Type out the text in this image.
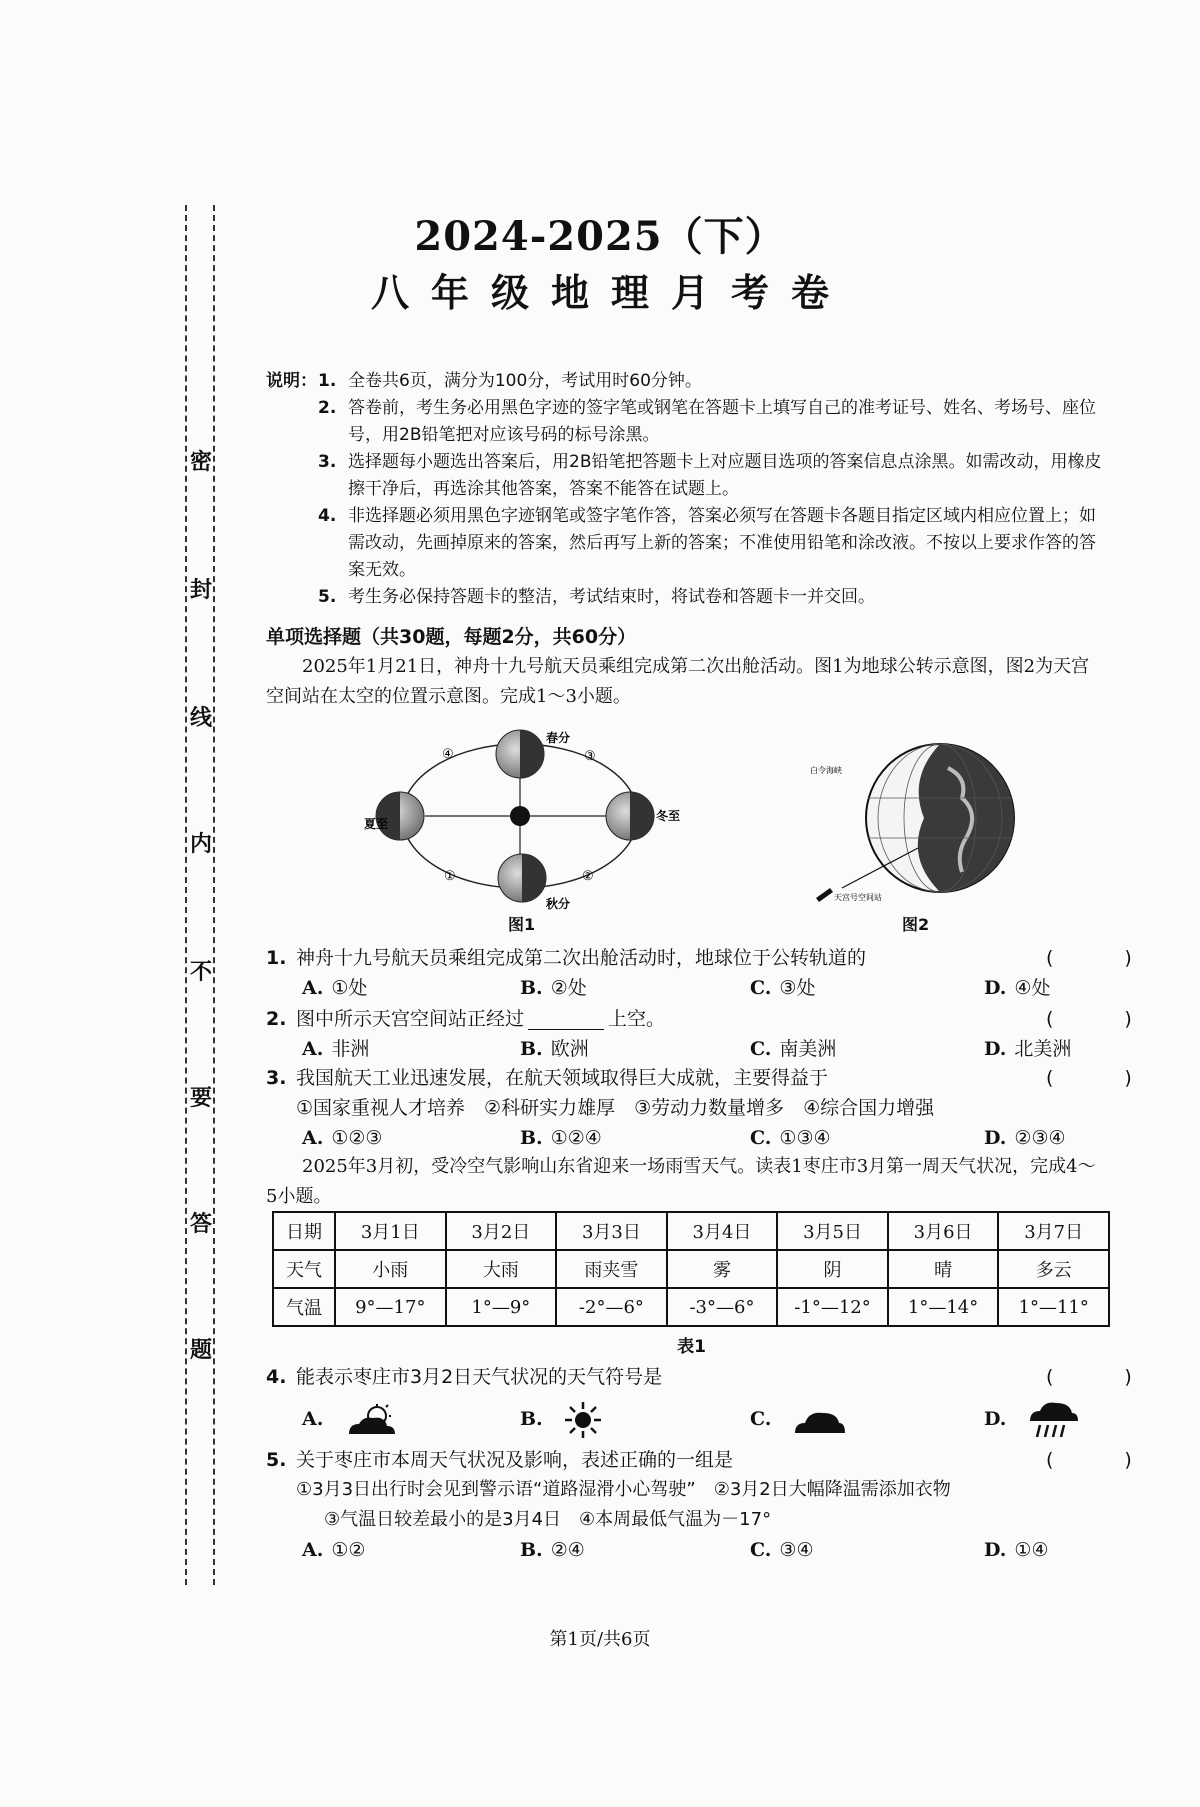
密
封
线
内
不
要
答
题
2024-2025（下）
八年级地理月考卷
说明： 1. 全卷共6页，满分为100分，考试用时60分钟。
2. 答卷前，考生务必用黑色字迹的签字笔或钢笔在答题卡上填写自己的准考证号、姓名、考场号、座位号，用2B铅笔把对应该号码的标号涂黑。
3. 选择题每小题选出答案后，用2B铅笔把答题卡上对应题目选项的答案信息点涂黑。如需改动，用橡皮擦干净后，再选涂其他答案，答案不能答在试题上。
4. 非选择题必须用黑色字迹钢笔或签字笔作答，答案必须写在答题卡各题目指定区域内相应位置上；如需改动，先画掉原来的答案，然后再写上新的答案；不准使用铅笔和涂改液。不按以上要求作答的答案无效。
5. 考生务必保持答题卡的整洁，考试结束时，将试卷和答题卡一并交回。
单项选择题（共30题，每题2分，共60分）
2025年1月21日，神舟十九号航天员乘组完成第二次出舱活动。图1为地球公转示意图，图2为天宫空间站在太空的位置示意图。完成1～3小题。
春分
夏至
冬至
秋分
④	③
①	②
图1
白令海峡
天宫号空间站
图2
1. 神舟十九号航天员乘组完成第二次出舱活动时，地球位于公转轨道的	(　)
A. ①处	B. ②处	C. ③处	D. ④处
2. 图中所示天宫空间站正经过	上空。	(　)
A. 非洲	B. 欧洲	C. 南美洲	D. 北美洲
3. 我国航天工业迅速发展，在航天领域取得巨大成就，主要得益于	(　)
①国家重视人才培养　②科研实力雄厚　③劳动力数量增多　④综合国力增强
A. ①②③	B. ①②④	C. ①③④	D. ②③④
2025年3月初，受冷空气影响山东省迎来一场雨雪天气。读表1枣庄市3月第一周天气状况，完成4～5小题。
日期	3月1日	3月2日	3月3日	3月4日	3月5日	3月6日	3月7日
天气	小雨	大雨	雨夹雪	雾	阴	晴	多云
气温	9°—17°	1°—9°	-2°—6°	-3°—6°	-1°—12°	1°—14°	1°—11°
表1
4. 能表示枣庄市3月2日天气状况的天气符号是	(　)
A.	B.	C.	D.
5. 关于枣庄市本周天气状况及影响，表述正确的一组是	(　)
①3月3日出行时会见到警示语“道路湿滑小心驾驶”　②3月2日大幅降温需添加衣物
③气温日较差最小的是3月4日　④本周最低气温为－17°
A. ①②	B. ②④	C. ③④	D. ①④
第1页/共6页
